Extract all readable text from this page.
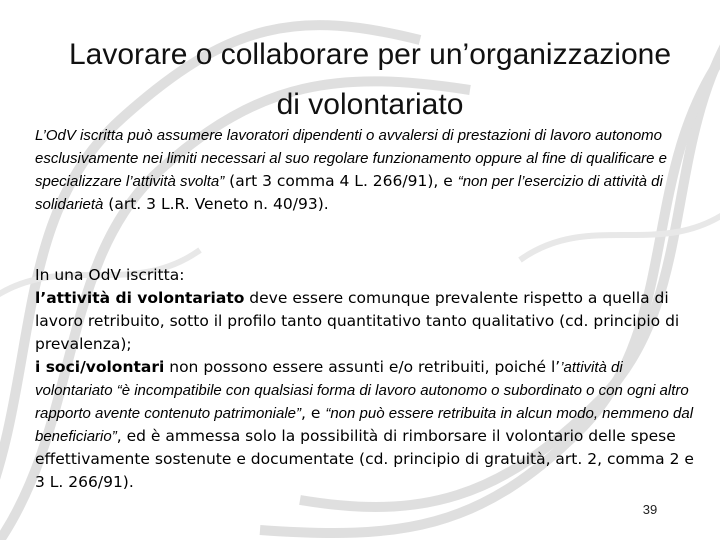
Lavorare o collaborare per un’organizzazione di volontariato
L’OdV iscritta può assumere lavoratori dipendenti o avvalersi di prestazioni di lavoro autonomo esclusivamente nei limiti necessari al suo regolare funzionamento oppure al fine di qualificare e specializzare l’attività svolta” (art 3 comma 4 L. 266/91), e “non per l’esercizio di attività di solidarietà (art. 3 L.R. Veneto n. 40/93).
In una OdV iscritta:
l’attività di volontariato deve essere comunque prevalente rispetto a quella di lavoro retribuito, sotto il profilo tanto quantitativo tanto qualitativo (cd. principio di prevalenza);
i soci/volontari non possono essere assunti e/o retribuiti, poiché l’’attività di volontariato “è incompatibile con qualsiasi forma di lavoro autonomo o subordinato o con ogni altro rapporto avente contenuto patrimoniale”, e “non può essere retribuita in alcun modo, nemmeno dal beneficiario”, ed è ammessa solo la possibilità di rimborsare il volontario delle spese effettivamente sostenute e documentate (cd. principio di gratuità, art. 2, comma 2 e 3 L. 266/91).
39
